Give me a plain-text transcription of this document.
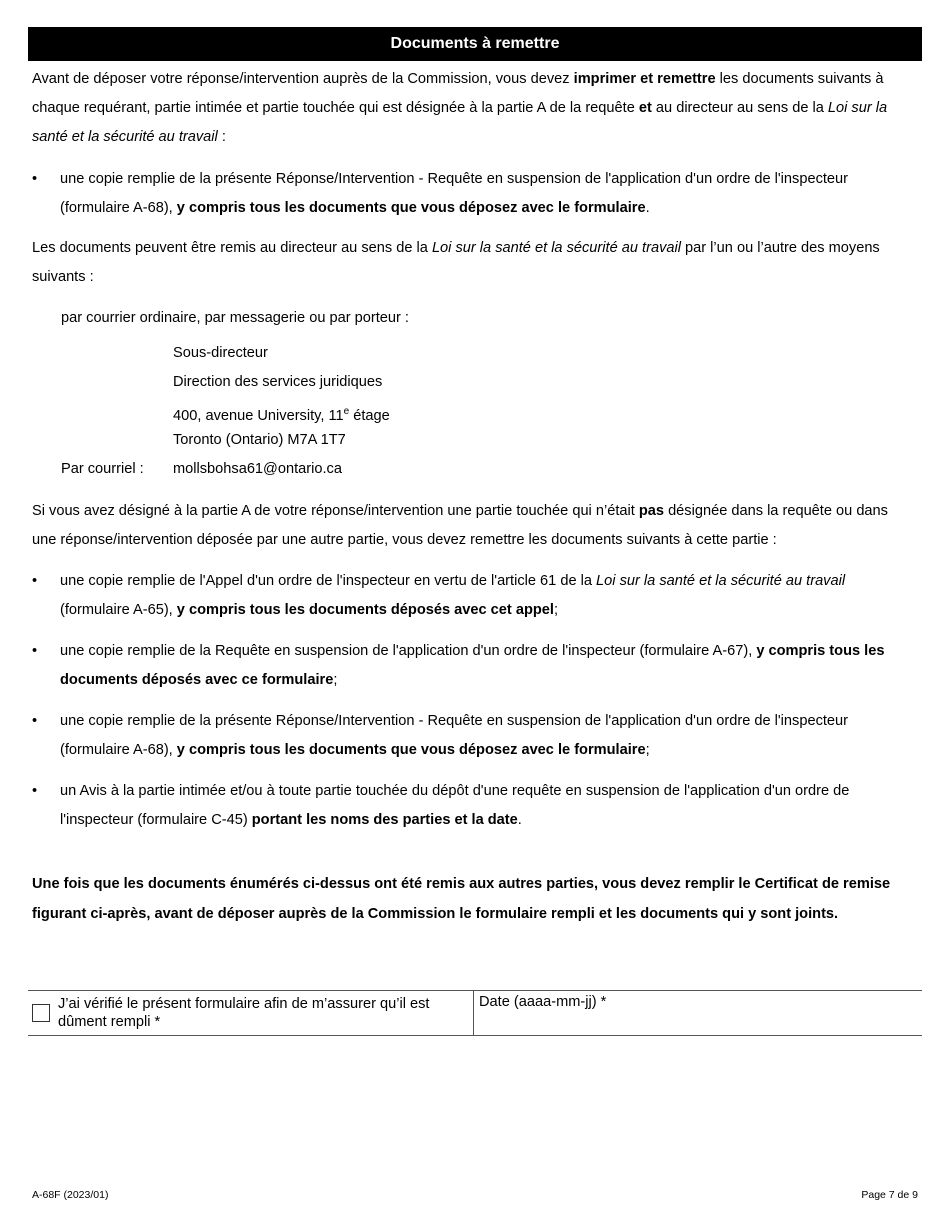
Documents à remettre

Avant de déposer votre réponse/intervention auprès de la Commission, vous devez imprimer et remettre les documents suivants à chaque requérant, partie intimée et partie touchée qui est désignée à la partie A de la requête et au directeur au sens de la Loi sur la santé et la sécurité au travail :

•	une copie remplie de la présente Réponse/Intervention - Requête en suspension de l'application d'un ordre de l'inspecteur (formulaire A-68), y compris tous les documents que vous déposez avec le formulaire.

Les documents peuvent être remis au directeur au sens de la Loi sur la santé et la sécurité au travail par l’un ou l’autre des moyens suivants :

par courrier ordinaire, par messagerie ou par porteur :
Sous-directeur
Direction des services juridiques
400, avenue University, 11e étage
Toronto (Ontario) M7A 1T7
Par courriel : mollsbohsa61@ontario.ca

Si vous avez désigné à la partie A de votre réponse/intervention une partie touchée qui n’était pas désignée dans la requête ou dans une réponse/intervention déposée par une autre partie, vous devez remettre les documents suivants à cette partie :

•	une copie remplie de l'Appel d'un ordre de l'inspecteur en vertu de l'article 61 de la Loi sur la santé et la sécurité au travail (formulaire A-65), y compris tous les documents déposés avec cet appel;
•	une copie remplie de la Requête en suspension de l'application d'un ordre de l'inspecteur (formulaire A-67), y compris tous les documents déposés avec ce formulaire;
•	une copie remplie de la présente Réponse/Intervention - Requête en suspension de l'application d'un ordre de l'inspecteur (formulaire A-68), y compris tous les documents que vous déposez avec le formulaire;
•	un Avis à la partie intimée et/ou à toute partie touchée du dépôt d'une requête en suspension de l'application d'un ordre de l'inspecteur (formulaire C-45) portant les noms des parties et la date.

Une fois que les documents énumérés ci-dessus ont été remis aux autres parties, vous devez remplir le Certificat de remise figurant ci-après, avant de déposer auprès de la Commission le formulaire rempli et les documents qui y sont joints.

J’ai vérifié le présent formulaire afin de m’assurer qu’il est dûment rempli *
Date (aaaa-mm-jj) *
A-68F (2023/01)	Page 7 de 9
